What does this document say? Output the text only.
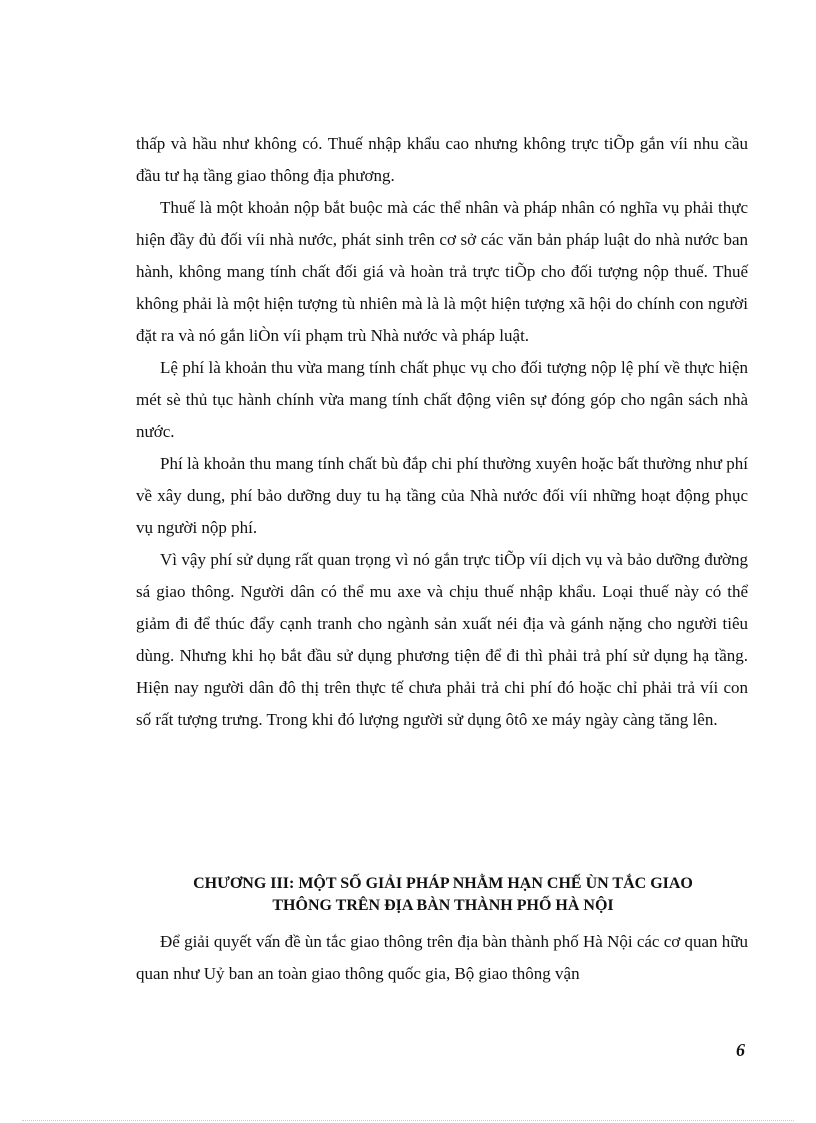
thấp và hầu như không có. Thuế nhập khẩu cao nhưng không trực tiÕp gắn víi nhu cầu đầu tư hạ tầng giao thông địa phương.

Thuế là một khoản nộp bắt buộc mà các thể nhân và pháp nhân có nghĩa vụ phải thực hiện đầy đủ đối víi nhà nước, phát sinh trên cơ sở các văn bản pháp luật do nhà nước ban hành, không mang tính chất đối giá và hoàn trả trực tiÕp cho đối tượng nộp thuế. Thuế không phải là một hiện tượng tù nhiên mà là là một hiện tượng xã hội do chính con người đặt ra và nó gắn liÒn víi phạm trù Nhà nước và pháp luật.

Lệ phí là khoản thu vừa mang tính chất phục vụ cho đối tượng nộp lệ phí về thực hiện mét sè thủ tục hành chính vừa mang tính chất động viên sự đóng góp cho ngân sách nhà nước.

Phí là khoản thu mang tính chất bù đắp chi phí thường xuyên hoặc bất thường như phí về xây dung, phí bảo dưỡng duy tu hạ tầng của Nhà nước đối víi những hoạt động phục vụ người nộp phí.

Vì vậy phí sử dụng rất quan trọng vì nó gắn trực tiÕp víi dịch vụ và bảo dưỡng đường sá giao thông. Người dân có thể mu axe và chịu thuế nhập khẩu. Loại thuế này có thể giảm đi để thúc đẩy cạnh tranh cho ngành sản xuất néi địa và gánh nặng cho người tiêu dùng. Nhưng khi họ bắt đầu sử dụng phương tiện để đi thì phải trả phí sử dụng hạ tầng. Hiện nay người dân đô thị trên thực tế chưa phải trả chi phí đó hoặc chỉ phải trả víi con số rất tượng trưng. Trong khi đó lượng người sử dụng ôtô xe máy ngày càng tăng lên.

CHƯƠNG III: MỘT SỐ GIẢI PHÁP NHẰM HẠN CHẾ ÙN TẮC GIAO
THÔNG TRÊN ĐỊA BÀN THÀNH PHỐ HÀ NỘI

Để giải quyết vấn đề ùn tắc giao thông trên địa bàn thành phố Hà Nội các cơ quan hữu quan như Uỷ ban an toàn giao thông quốc gia, Bộ giao thông vận

6
